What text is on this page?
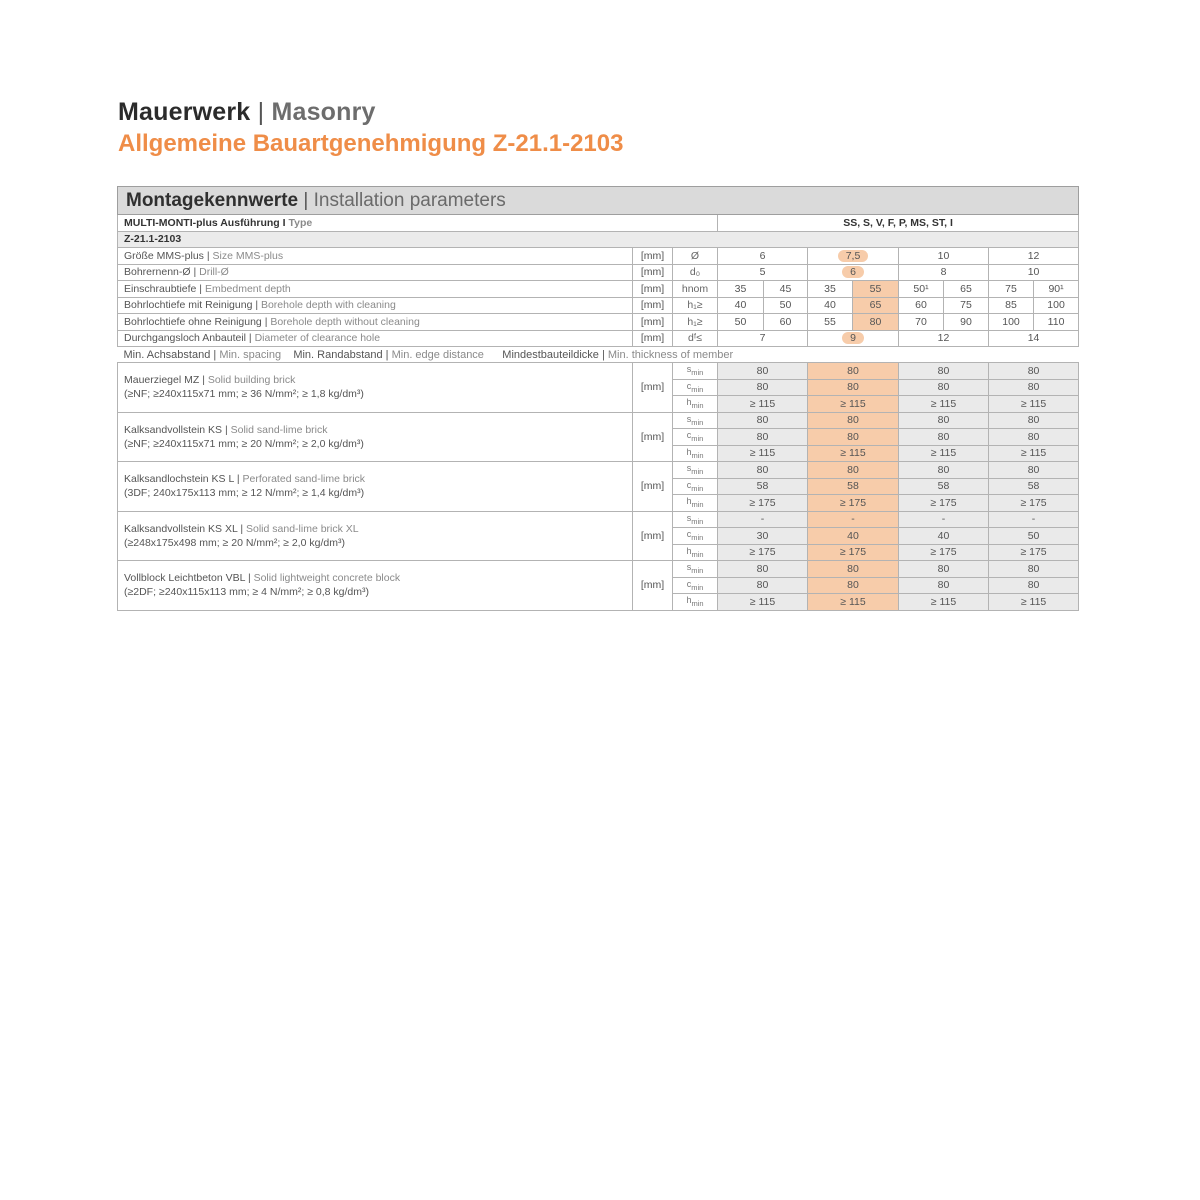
Mauerwerk | Masonry
Allgemeine Bauartgenehmigung Z-21.1-2103
Montagekennwerte | Installation parameters										
MULTI-MONTI-plus Ausführung I Type			SS, S, V, F, P, MS, ST, I							
Z-21.1-2103										
Größe MMS-plus | Size MMS-plus	[mm]	Ø	6		7,5		10		12	
Bohrernenn-Ø | Drill-Ø	[mm]	d₀	5		6		8		10	
Einschraubtiefe | Embedment depth	[mm]	hnom	35	45	35	55	50¹	65	75	90¹
Bohrlochtiefe mit Reinigung | Borehole depth with cleaning	[mm]	h₁≥	40	50	40	65	60	75	85	100
Bohrlochtiefe ohne Reinigung | Borehole depth without cleaning	[mm]	h₁≥	50	60	55	80	70	90	100	110
Durchgangsloch Anbauteil | Diameter of clearance hole	[mm]	dᶠ≤	7		9		12		14	
Min. Achsabstand | Min. spacing Min. Randabstand | Min. edge distance Mindestbauteildicke | Min. thickness of member										
Mauerziegel MZ | Solid building brick
(≥NF; ≥240x115x71 mm; ≥ 36 N/mm²; ≥ 1,8 kg/dm³)	[mm]	$s_{min}$	80		80		80		80	
		$c_{min}$	80		80		80		80	
		$h_{min}$	≥ 115		≥ 115		≥ 115		≥ 115	
Kalksandvollstein KS | Solid sand-lime brick
(≥NF; ≥240x115x71 mm; ≥ 20 N/mm²; ≥ 2,0 kg/dm³)	[mm]	$s_{min}$	80		80		80		80	
		$c_{min}$	80		80		80		80	
		$h_{min}$	≥ 115		≥ 115		≥ 115		≥ 115	
Kalksandlochstein KS L | Perforated sand-lime brick
(3DF; 240x175x113 mm; ≥ 12 N/mm²; ≥ 1,4 kg/dm³)	[mm]	$s_{min}$	80		80		80		80	
		$c_{min}$	58		58		58		58	
		$h_{min}$	≥ 175		≥ 175		≥ 175		≥ 175	
Kalksandvollstein KS XL | Solid sand-lime brick XL
(≥248x175x498 mm; ≥ 20 N/mm²; ≥ 2,0 kg/dm³)	[mm]	$s_{min}$	-		-		-		-	
		$c_{min}$	30		40		40		50	
		$h_{min}$	≥ 175		≥ 175		≥ 175		≥ 175	
Vollblock Leichtbeton VBL | Solid lightweight concrete block
(≥2DF; ≥240x115x113 mm; ≥ 4 N/mm²; ≥ 0,8 kg/dm³)	[mm]	$s_{min}$	80		80		80		80	
		$c_{min}$	80		80		80		80	
		$h_{min}$	≥ 115		≥ 115		≥ 115		≥ 115	
